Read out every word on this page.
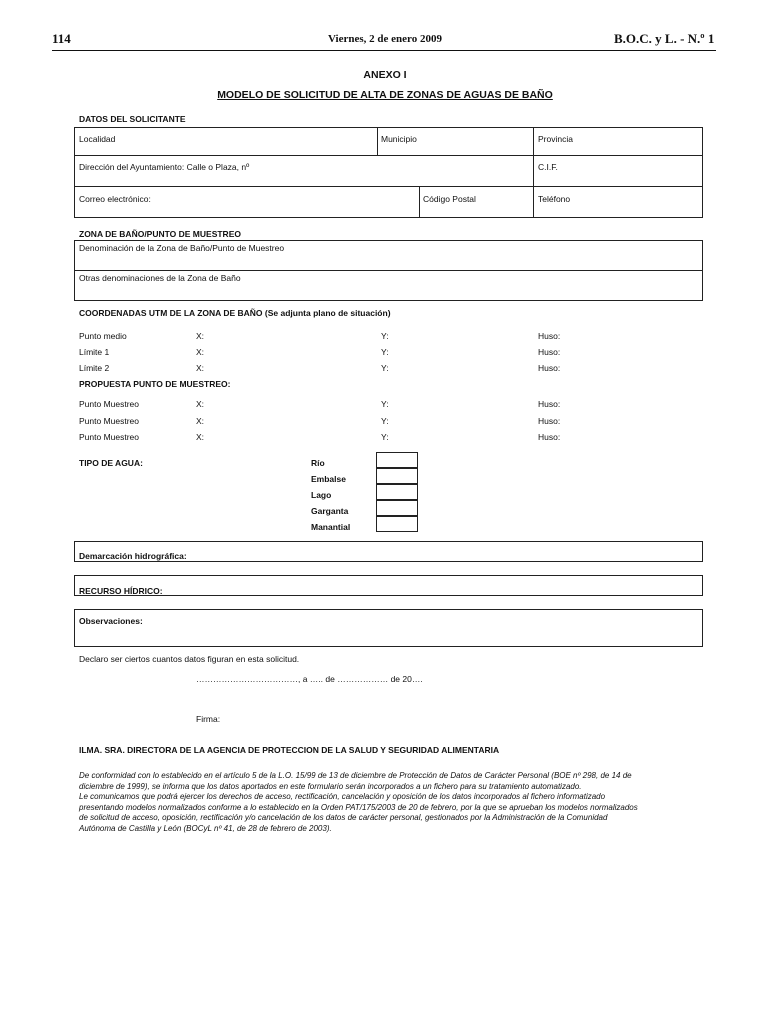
114	Viernes, 2 de enero 2009	B.O.C. y L. - N.º 1
ANEXO I
MODELO DE SOLICITUD DE ALTA DE ZONAS DE AGUAS DE BAÑO
DATOS DEL SOLICITANTE
Localidad	Municipio	Provincia
Dirección del Ayuntamiento: Calle o Plaza, nº	C.I.F.
Correo electrónico:	Código Postal	Teléfono
ZONA DE BAÑO/PUNTO DE MUESTREO
Denominación de la Zona de Baño/Punto de Muestreo
Otras denominaciones de la Zona de Baño
COORDENADAS UTM DE LA ZONA DE BAÑO (Se adjunta plano de situación)
Punto medio	X:	Y:	Huso:
Límite 1	X:	Y:	Huso:
Límite 2	X:	Y:	Huso:
PROPUESTA PUNTO DE MUESTREO:
Punto Muestreo	X:	Y:	Huso:
Punto Muestreo	X:	Y:	Huso:
Punto Muestreo	X:	Y:	Huso:
TIPO DE AGUA:	Río
Embalse
Lago
Garganta
Manantial
Demarcación hidrográfica:
RECURSO HÍDRICO:
Observaciones:
Declaro ser ciertos cuantos datos figuran en esta solicitud.
………………………………, a ….. de ……………… de 20….
Firma:
ILMA. SRA. DIRECTORA DE LA AGENCIA DE PROTECCION DE LA SALUD Y SEGURIDAD ALIMENTARIA
De conformidad con lo establecido en el artículo 5 de la L.O. 15/99 de 13 de diciembre de Protección de Datos de Carácter Personal (BOE nº 298, de 14 de
diciembre de 1999), se informa que los datos aportados en este formulario serán incorporados a un fichero para su tratamiento automatizado.
Le comunicamos que podrá ejercer los derechos de acceso, rectificación, cancelación y oposición de los datos incorporados al fichero informatizado
presentando modelos normalizados conforme a lo establecido en la Orden PAT/175/2003 de 20 de febrero, por la que se aprueban los modelos normalizados
de solicitud de acceso, oposición, rectificación y/o cancelación de los datos de carácter personal, gestionados por la Administración de la Comunidad
Autónoma de Castilla y León (BOCyL nº 41, de 28 de febrero de 2003).
